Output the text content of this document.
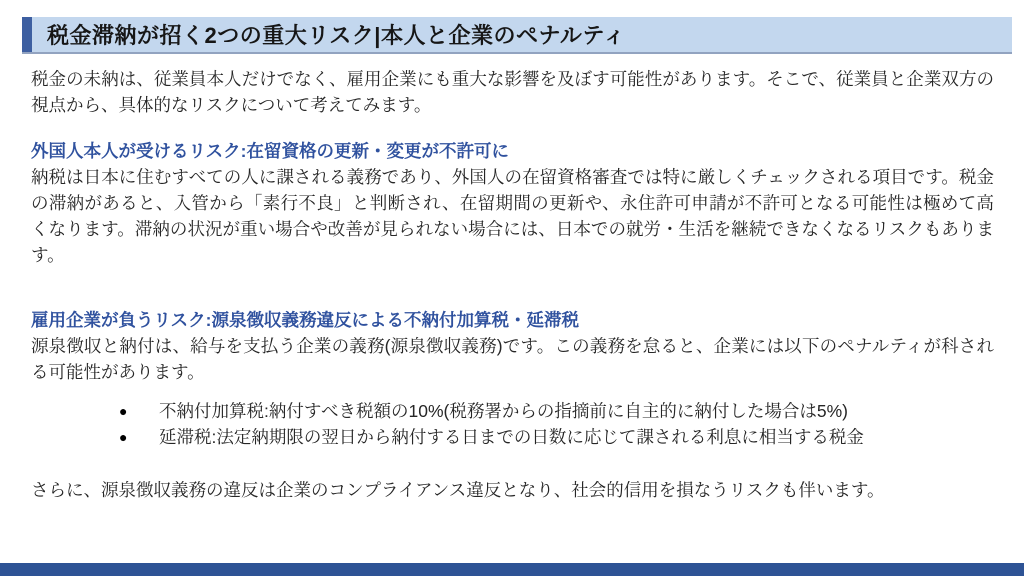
税金滞納が招く2つの重大リスク|本人と企業のペナルティ

税金の未納は、従業員本人だけでなく、雇用企業にも重大な影響を及ぼす可能性があります。そこで、従業員と企業双方の視点から、具体的なリスクについて考えてみます。

外国人本人が受けるリスク:在留資格の更新・変更が不許可に

納税は日本に住むすべての人に課される義務であり、外国人の在留資格審査では特に厳しくチェックされる項目です。税金の滞納があると、入管から「素行不良」と判断され、在留期間の更新や、永住許可申請が不許可となる可能性は極めて高くなります。滞納の状況が重い場合や改善が見られない場合には、日本での就労・生活を継続できなくなるリスクもあります。

雇用企業が負うリスク:源泉徴収義務違反による不納付加算税・延滞税

源泉徴収と納付は、給与を支払う企業の義務(源泉徴収義務)です。この義務を怠ると、企業には以下のペナルティが科される可能性があります。

●	不納付加算税:納付すべき税額の10%(税務署からの指摘前に自主的に納付した場合は5%)
●	延滞税:法定納期限の翌日から納付する日までの日数に応じて課される利息に相当する税金

さらに、源泉徴収義務の違反は企業のコンプライアンス違反となり、社会的信用を損なうリスクも伴います。
